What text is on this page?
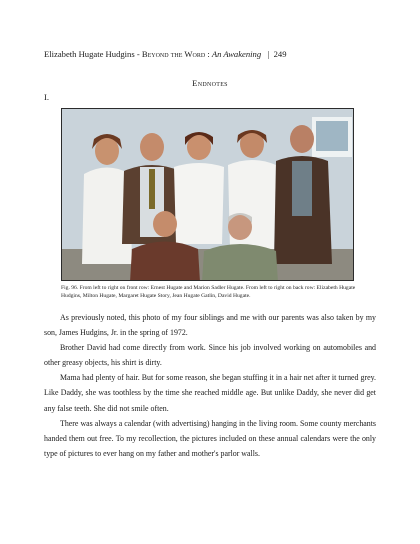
Elizabeth Hugate Hudgins - Beyond the Word : An Awakening   |  249
Endnotes
I.
Fig. 96. From left to right on front row: Ernest Hugate and Marion Sadler Hugate. From left to right on back row: Elizabeth Hugate Hudgins, Milton Hugate, Margaret Hugate Story, Jean Hugate Gatlin, David Hugate.

As previously noted, this photo of my four siblings and me with our parents was also taken by my son, James Hudgins, Jr. in the spring of 1972.

Brother David had come directly from work. Since his job involved working on automobiles and other greasy objects, his shirt is dirty.

Mama had plenty of hair. But for some reason, she began stuffing it in a hair net after it turned grey. Like Daddy, she was toothless by the time she reached middle age. But unlike Daddy, she never did get any false teeth. She did not smile often.

There was always a calendar (with advertising) hanging in the living room. Some county merchants handed them out free. To my recollection, the pictures included on these annual calendars were the only type of pictures to ever hang on my father and mother's parlor walls.
